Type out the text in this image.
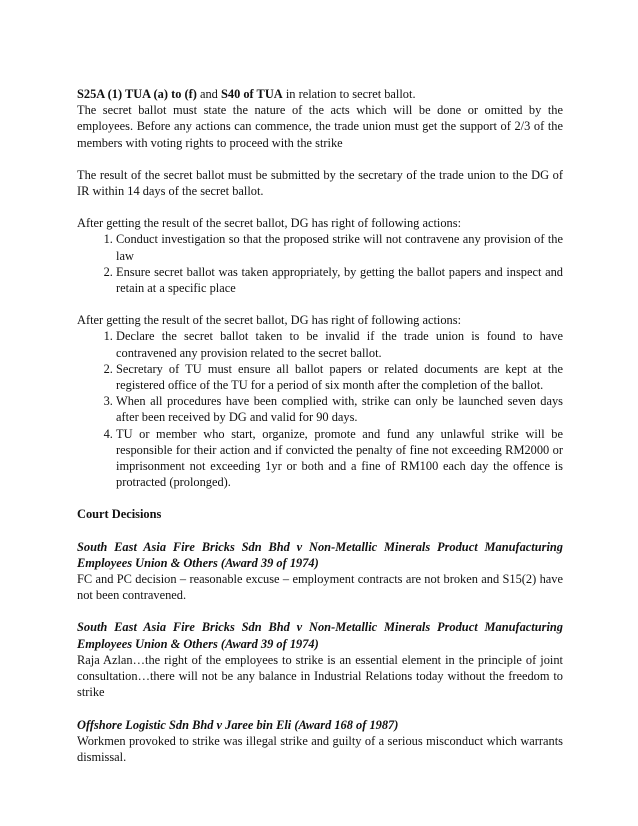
S25A (1) TUA (a) to (f) and S40 of TUA in relation to secret ballot.

The secret ballot must state the nature of the acts which will be done or omitted by the employees. Before any actions can commence, the trade union must get the support of 2/3 of the members with voting rights to proceed with the strike

The result of the secret ballot must be submitted by the secretary of the trade union to the DG of IR within 14 days of the secret ballot.

After getting the result of the secret ballot, DG has right of following actions:

1. Conduct investigation so that the proposed strike will not contravene any provision of the law
2. Ensure secret ballot was taken appropriately, by getting the ballot papers and inspect and retain at a specific place

After getting the result of the secret ballot, DG has right of following actions:

1. Declare the secret ballot taken to be invalid if the trade union is found to have contravened any provision related to the secret ballot.
2. Secretary of TU must ensure all ballot papers or related documents are kept at the registered office of the TU for a period of six month after the completion of the ballot.
3. When all procedures have been complied with, strike can only be launched seven days after been received by DG and valid for 90 days.
4. TU or member who start, organize, promote and fund any unlawful strike will be responsible for their action and if convicted the penalty of fine not exceeding RM2000 or imprisonment not exceeding 1yr or both and a fine of RM100 each day the offence is protracted (prolonged).

Court Decisions

South East Asia Fire Bricks Sdn Bhd v Non-Metallic Minerals Product Manufacturing Employees Union & Others (Award 39 of 1974)

FC and PC decision – reasonable excuse – employment contracts are not broken and S15(2) have not been contravened.

South East Asia Fire Bricks Sdn Bhd v Non-Metallic Minerals Product Manufacturing Employees Union & Others (Award 39 of 1974)

Raja Azlan…the right of the employees to strike is an essential element in the principle of joint consultation…there will not be any balance in Industrial Relations today without the freedom to strike

Offshore Logistic Sdn Bhd v Jaree bin Eli (Award 168 of 1987)

Workmen provoked to strike was illegal strike and guilty of a serious misconduct which warrants dismissal.
